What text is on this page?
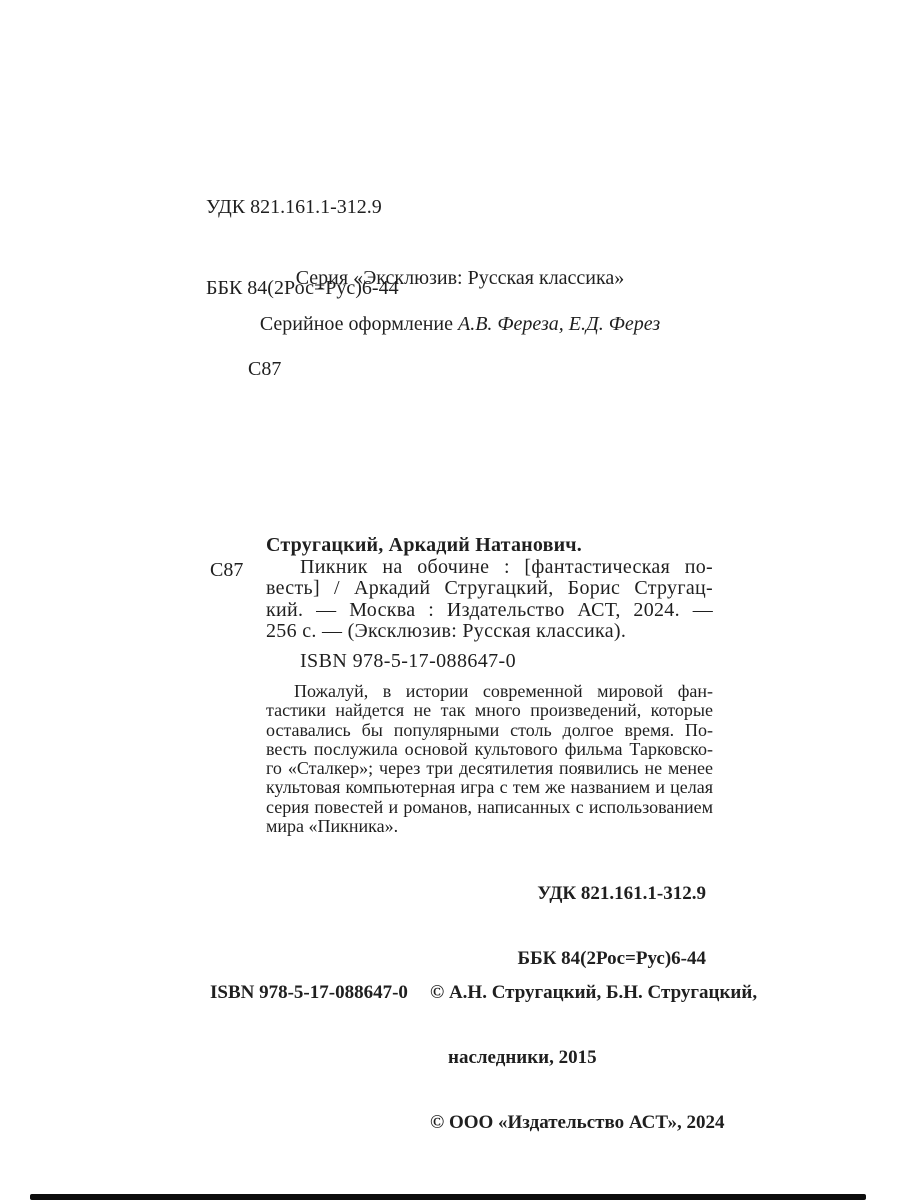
УДК 821.161.1-312.9

ББК 84(2Рос=Рус)6-44

С87

Серия «Эксклюзив: Русская классика»
Серийное оформление А.В. Фереза, Е.Д. Ферез
С87
Стругацкий, Аркадий Натанович.
Пикник на обочине : [фантастическая по-
весть] / Аркадий Стругацкий, Борис Стругац-
кий. — Москва : Издательство АСТ, 2024. —
256 с. — (Эксклюзив: Русская классика).
ISBN 978-5-17-088647-0
Пожалуй, в истории современной мировой фан-
тастики найдется не так много произведений, которые
оставались бы популярными столь долгое время. По-
весть послужила основой культового фильма Тарковско-
го «Сталкер»; через три десятилетия появились не менее
культовая компьютерная игра с тем же названием и целая
серия повестей и романов, написанных с использованием
мира «Пикника».

УДК 821.161.1-312.9

ББК 84(2Рос=Рус)6-44

ISBN 978-5-17-088647-0

© А.Н. Стругацкий, Б.Н. Стругацкий,

наследники, 2015

© ООО «Издательство АСТ», 2024
